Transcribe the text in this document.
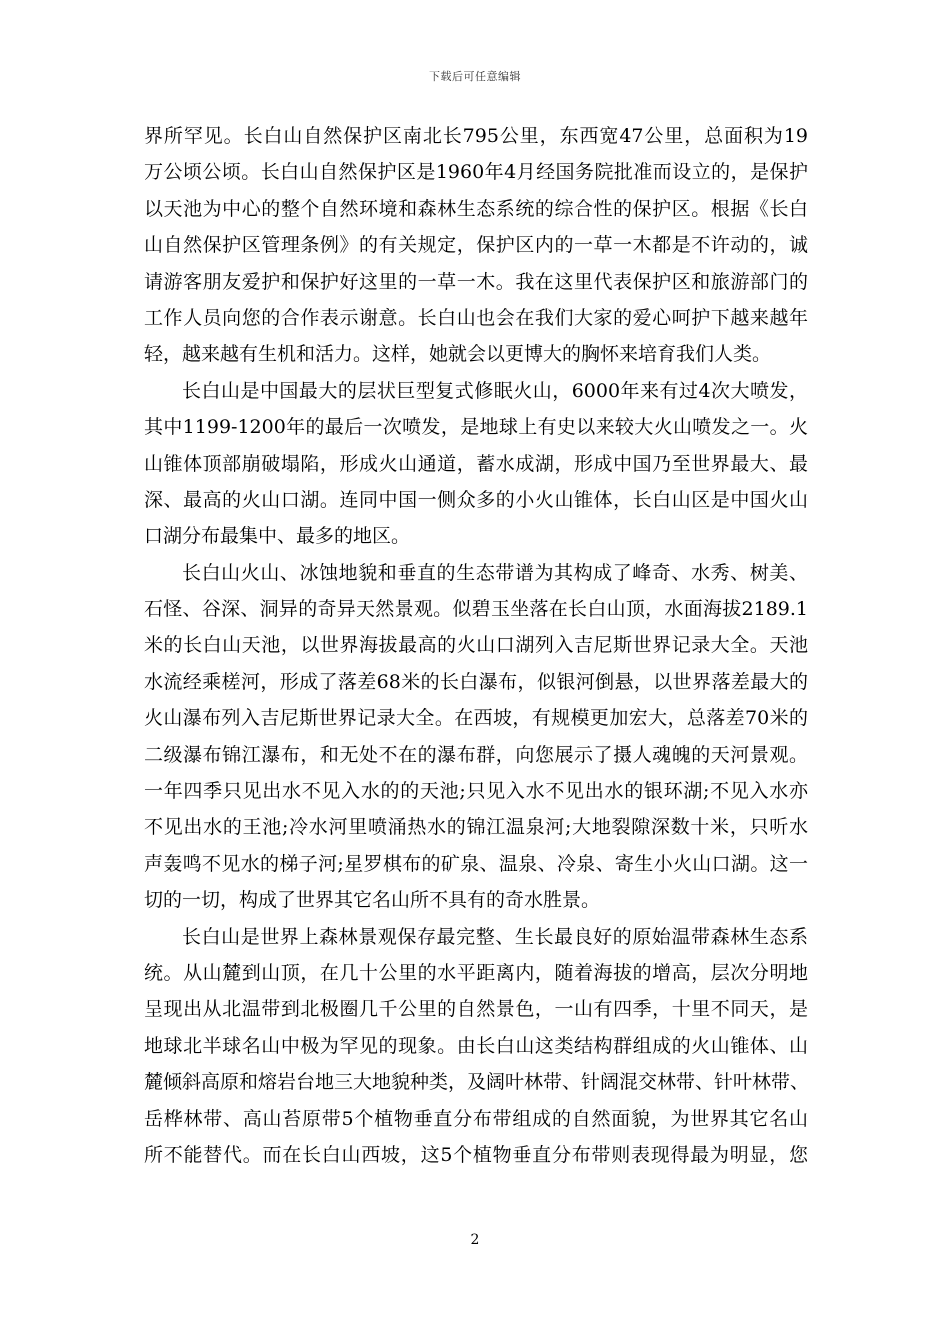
下载后可任意编辑
界所罕见。长白山自然保护区南北长795公里，东西宽47公里，总面积为19
万公顷公顷。长白山自然保护区是1960年4月经国务院批准而设立的，是保护
以天池为中心的整个自然环境和森林生态系统的综合性的保护区。根据《长白
山自然保护区管理条例》的有关规定，保护区内的一草一木都是不许动的，诚
请游客朋友爱护和保护好这里的一草一木。我在这里代表保护区和旅游部门的
工作人员向您的合作表示谢意。长白山也会在我们大家的爱心呵护下越来越年
轻，越来越有生机和活力。这样，她就会以更博大的胸怀来培育我们人类。
长白山是中国最大的层状巨型复式修眠火山，6000年来有过4次大喷发，
其中1199-1200年的最后一次喷发，是地球上有史以来较大火山喷发之一。火
山锥体顶部崩破塌陷，形成火山通道，蓄水成湖，形成中国乃至世界最大、最
深、最高的火山口湖。连同中国一侧众多的小火山锥体，长白山区是中国火山
口湖分布最集中、最多的地区。
长白山火山、冰蚀地貌和垂直的生态带谱为其构成了峰奇、水秀、树美、
石怪、谷深、洞异的奇异天然景观。似碧玉坐落在长白山顶，水面海拔2189.1
米的长白山天池，以世界海拔最高的火山口湖列入吉尼斯世界记录大全。天池
水流经乘槎河，形成了落差68米的长白瀑布，似银河倒悬，以世界落差最大的
火山瀑布列入吉尼斯世界记录大全。在西坡，有规模更加宏大，总落差70米的
二级瀑布锦江瀑布，和无处不在的瀑布群，向您展示了摄人魂魄的天河景观。
一年四季只见出水不见入水的的天池;只见入水不见出水的银环湖;不见入水亦
不见出水的王池;冷水河里喷涌热水的锦江温泉河;大地裂隙深数十米，只听水
声轰鸣不见水的梯子河;星罗棋布的矿泉、温泉、冷泉、寄生小火山口湖。这一
切的一切，构成了世界其它名山所不具有的奇水胜景。
长白山是世界上森林景观保存最完整、生长最良好的原始温带森林生态系
统。从山麓到山顶，在几十公里的水平距离内，随着海拔的增高，层次分明地
呈现出从北温带到北极圈几千公里的自然景色，一山有四季，十里不同天，是
地球北半球名山中极为罕见的现象。由长白山这类结构群组成的火山锥体、山
麓倾斜高原和熔岩台地三大地貌种类，及阔叶林带、针阔混交林带、针叶林带、
岳桦林带、高山苔原带5个植物垂直分布带组成的自然面貌，为世界其它名山
所不能替代。而在长白山西坡，这5个植物垂直分布带则表现得最为明显，您
2
